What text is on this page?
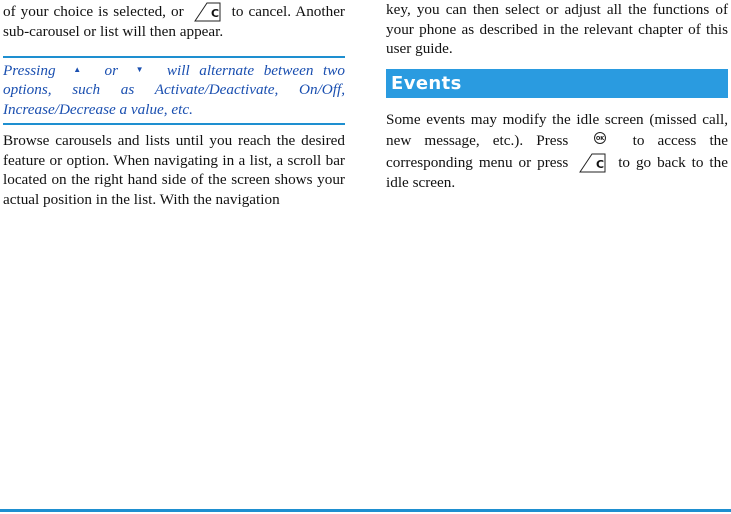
of your choice is selected, or C to cancel. Another sub-carousel or list will then appear.

Pressing ▲ or ▼ will alternate between two options, such as Activate/Deactivate, On/Off, Increase/Decrease a value, etc.

Browse carousels and lists until you reach the desired feature or option. When navigating in a list, a scroll bar located on the right hand side of the screen shows your actual position in the list. With the navigation

key, you can then select or adjust all the functions of your phone as described in the relevant chapter of this user guide.

Events

Some events may modify the idle screen (missed call, new message, etc.). Press	OK to access the corresponding menu or press C to go back to the idle screen.
